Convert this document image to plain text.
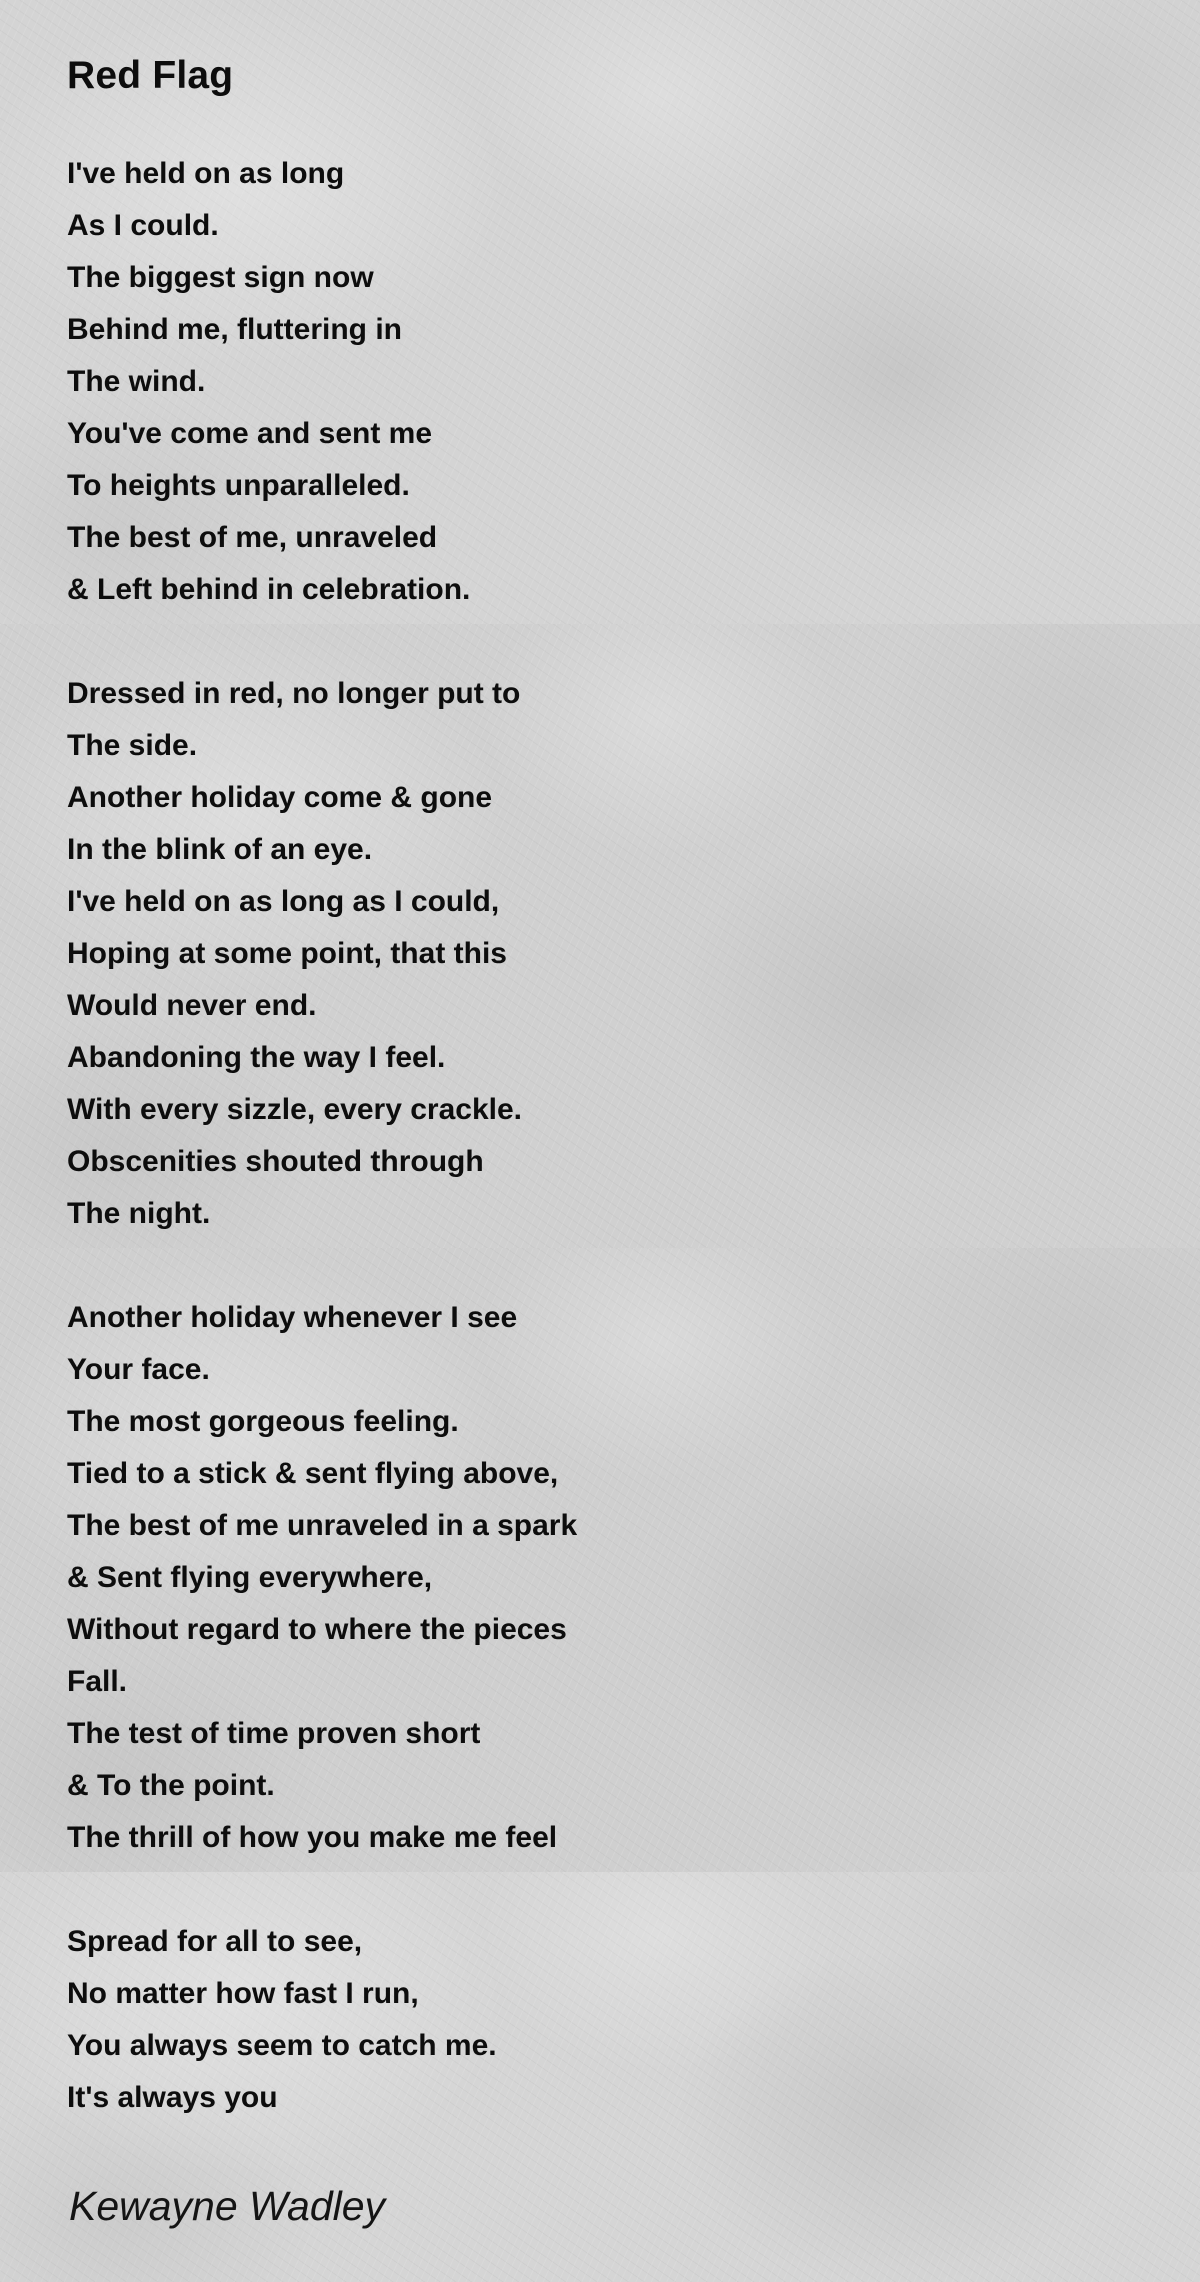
Red Flag
I've held on as long
As I could.
The biggest sign now
Behind me, fluttering in
The wind.
You've come and sent me
To heights unparalleled.
The best of me, unraveled
& Left behind in celebration.
Dressed in red, no longer put to
The side.
Another holiday come & gone
In the blink of an eye.
I've held on as long as I could,
Hoping at some point, that this
Would never end.
Abandoning the way I feel.
With every sizzle, every crackle.
Obscenities shouted through
The night.
Another holiday whenever I see
Your face.
The most gorgeous feeling.
Tied to a stick & sent flying above,
The best of me unraveled in a spark
& Sent flying everywhere,
Without regard to where the pieces
Fall.
The test of time proven short
& To the point.
The thrill of how you make me feel
Spread for all to see,
No matter how fast I run,
You always seem to catch me.
It's always you

Kewayne Wadley
